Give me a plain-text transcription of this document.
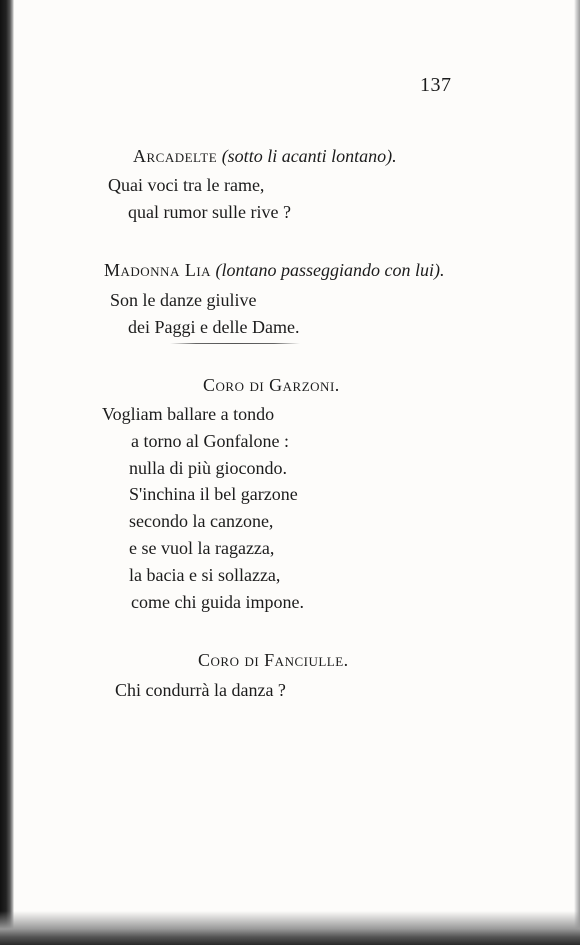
137
Arcadelte (sotto li acanti lontano).
Quai voci tra le rame,
qual rumor sulle rive ?
Madonna Lia (lontano passeggiando con lui).
Son le danze giulive
dei Paggi e delle Dame.
Coro di Garzoni.
Vogliam ballare a tondo
a torno al Gonfalone :
nulla di più giocondo.
S'inchina il bel garzone
secondo la canzone,
e se vuol la ragazza,
la bacia e si sollazza,
come chi guida impone.
Coro di Fanciulle.
Chi condurrà la danza ?
